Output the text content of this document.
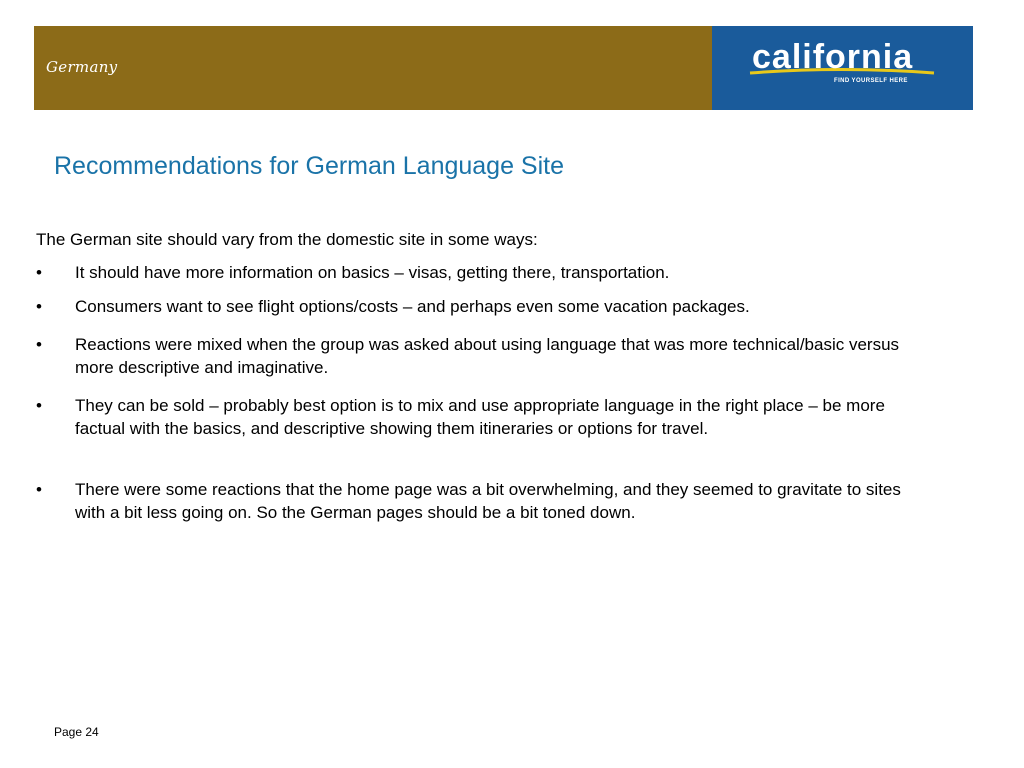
Germany	california
FIND YOURSELF HERE
Recommendations for German Language Site

The German site should vary from the domestic site in some ways:

• It should have more information on basics – visas, getting there, transportation.
• Consumers want to see flight options/costs – and perhaps even some vacation packages.
• Reactions were mixed when the group was asked about using language that was more technical/basic versus more descriptive and imaginative.
• They can be sold – probably best option is to mix and use appropriate language in the right place – be more factual with the basics, and descriptive showing them itineraries or options for travel.
• There were some reactions that the home page was a bit overwhelming, and they seemed to gravitate to sites with a bit less going on. So the German pages should be a bit toned down.
Page 24
